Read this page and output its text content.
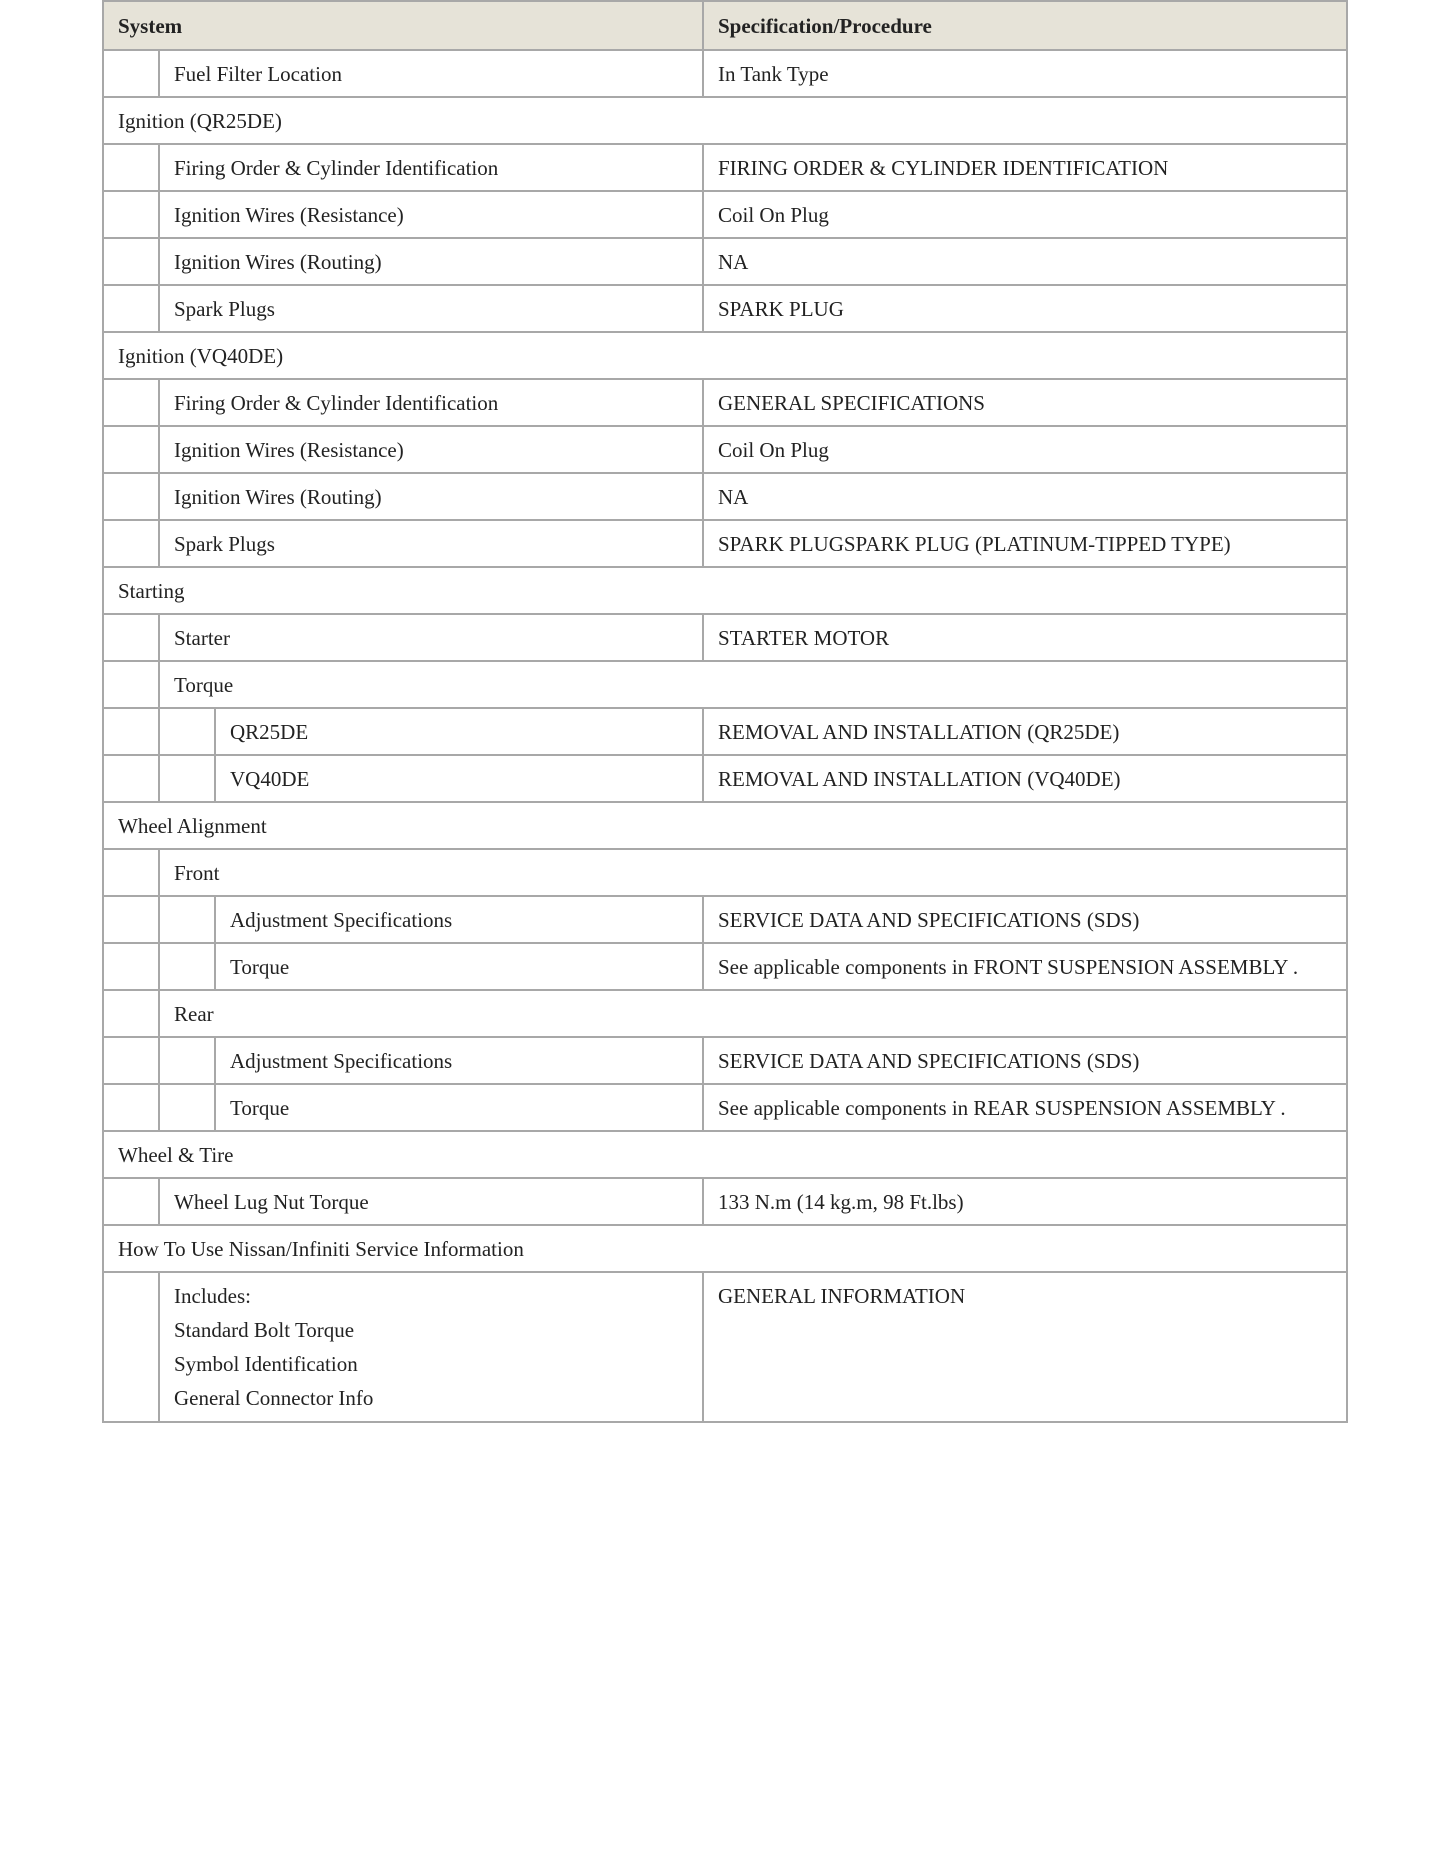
System			Specification/Procedure
	Fuel Filter Location		In Tank Type
Ignition (QR25DE)			
	Firing Order & Cylinder Identification		FIRING ORDER & CYLINDER IDENTIFICATION
	Ignition Wires (Resistance)		Coil On Plug
	Ignition Wires (Routing)		NA
	Spark Plugs		SPARK PLUG
Ignition (VQ40DE)			
	Firing Order & Cylinder Identification		GENERAL SPECIFICATIONS
	Ignition Wires (Resistance)		Coil On Plug
	Ignition Wires (Routing)		NA
	Spark Plugs		SPARK PLUGSPARK PLUG (PLATINUM-TIPPED TYPE)
Starting			
	Starter		STARTER MOTOR
	Torque		
		QR25DE	REMOVAL AND INSTALLATION (QR25DE)
		VQ40DE	REMOVAL AND INSTALLATION (VQ40DE)
Wheel Alignment			
	Front		
		Adjustment Specifications	SERVICE DATA AND SPECIFICATIONS (SDS)
		Torque	See applicable components in FRONT SUSPENSION ASSEMBLY .
	Rear		
		Adjustment Specifications	SERVICE DATA AND SPECIFICATIONS (SDS)
		Torque	See applicable components in REAR SUSPENSION ASSEMBLY .
Wheel & Tire			
	Wheel Lug Nut Torque		133 N.m (14 kg.m, 98 Ft.lbs)
How To Use Nissan/Infiniti Service Information			

	Includes:
Standard Bolt Torque
Symbol Identification
General Connector Info		GENERAL INFORMATION
